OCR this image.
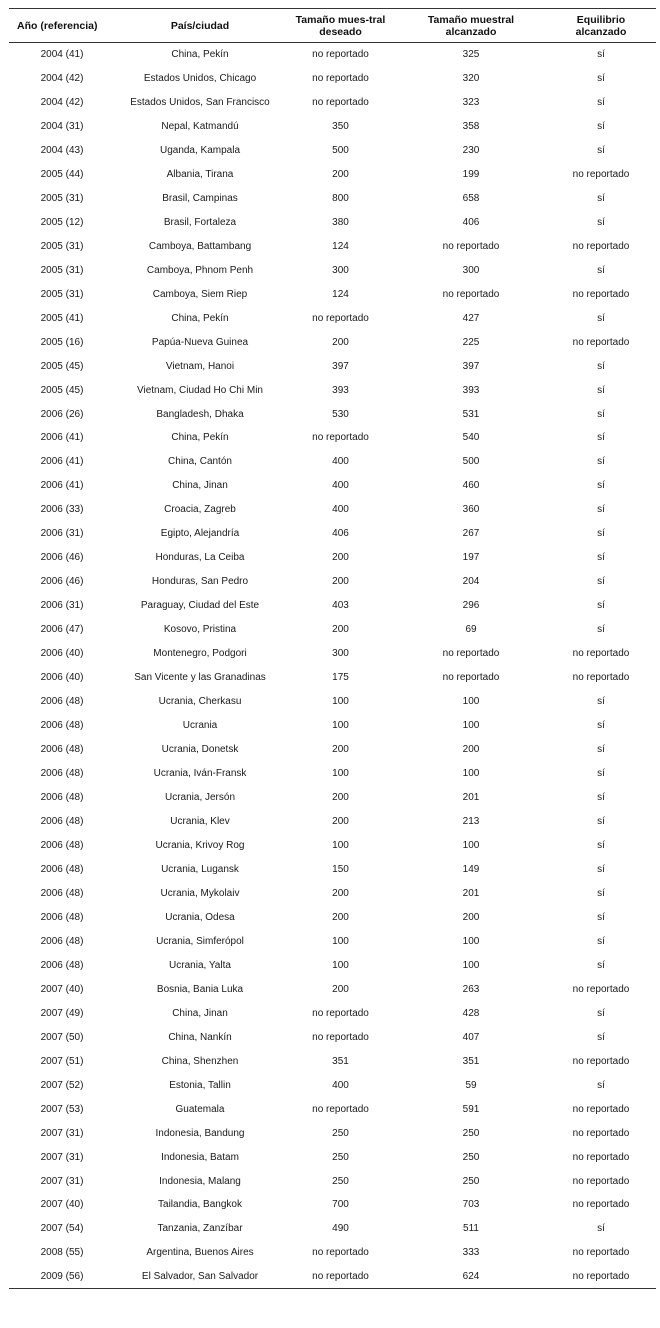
Año (referencia)	País/ciudad	Tamaño mues-tral deseado	Tamaño muestral alcanzado	Equilibrio alcanzado
2004 (41)	China, Pekín	no reportado	325	sí
2004 (42)	Estados Unidos, Chicago	no reportado	320	sí
2004 (42)	Estados Unidos, San Francisco	no reportado	323	sí
2004 (31)	Nepal, Katmandú	350	358	sí
2004 (43)	Uganda, Kampala	500	230	sí
2005 (44)	Albania, Tirana	200	199	no reportado
2005 (31)	Brasil, Campinas	800	658	sí
2005 (12)	Brasil, Fortaleza	380	406	sí
2005 (31)	Camboya, Battambang	124	no reportado	no reportado
2005 (31)	Camboya, Phnom Penh	300	300	sí
2005 (31)	Camboya, Siem Riep	124	no reportado	no reportado
2005 (41)	China, Pekín	no reportado	427	sí
2005 (16)	Papúa-Nueva Guinea	200	225	no reportado
2005 (45)	Vietnam, Hanoi	397	397	sí
2005 (45)	Vietnam, Ciudad Ho Chi Min	393	393	sí
2006 (26)	Bangladesh, Dhaka	530	531	sí
2006 (41)	China, Pekín	no reportado	540	sí
2006 (41)	China, Cantón	400	500	sí
2006 (41)	China, Jinan	400	460	sí
2006 (33)	Croacia, Zagreb	400	360	sí
2006 (31)	Egipto, Alejandría	406	267	sí
2006 (46)	Honduras, La Ceiba	200	197	sí
2006 (46)	Honduras, San Pedro	200	204	sí
2006 (31)	Paraguay, Ciudad del Este	403	296	sí
2006 (47)	Kosovo, Pristina	200	69	sí
2006 (40)	Montenegro, Podgori	300	no reportado	no reportado
2006 (40)	San Vicente y las Granadinas	175	no reportado	no reportado
2006 (48)	Ucrania, Cherkasu	100	100	sí
2006 (48)	Ucrania	100	100	sí
2006 (48)	Ucrania, Donetsk	200	200	sí
2006 (48)	Ucrania, Iván-Fransk	100	100	sí
2006 (48)	Ucrania, Jersón	200	201	sí
2006 (48)	Ucrania, Klev	200	213	sí
2006 (48)	Ucrania, Krivoy Rog	100	100	sí
2006 (48)	Ucrania, Lugansk	150	149	sí
2006 (48)	Ucrania, Mykolaiv	200	201	sí
2006 (48)	Ucrania, Odesa	200	200	sí
2006 (48)	Ucrania, Simferópol	100	100	sí
2006 (48)	Ucrania, Yalta	100	100	sí
2007 (40)	Bosnia, Bania Luka	200	263	no reportado
2007 (49)	China, Jinan	no reportado	428	sí
2007 (50)	China, Nankín	no reportado	407	sí
2007 (51)	China, Shenzhen	351	351	no reportado
2007 (52)	Estonia, Tallin	400	59	sí
2007 (53)	Guatemala	no reportado	591	no reportado
2007 (31)	Indonesia, Bandung	250	250	no reportado
2007 (31)	Indonesia, Batam	250	250	no reportado
2007 (31)	Indonesia, Malang	250	250	no reportado
2007 (40)	Tailandia, Bangkok	700	703	no reportado
2007 (54)	Tanzania, Zanzíbar	490	511	sí
2008 (55)	Argentina, Buenos Aires	no reportado	333	no reportado
2009 (56)	El Salvador, San Salvador	no reportado	624	no reportado
